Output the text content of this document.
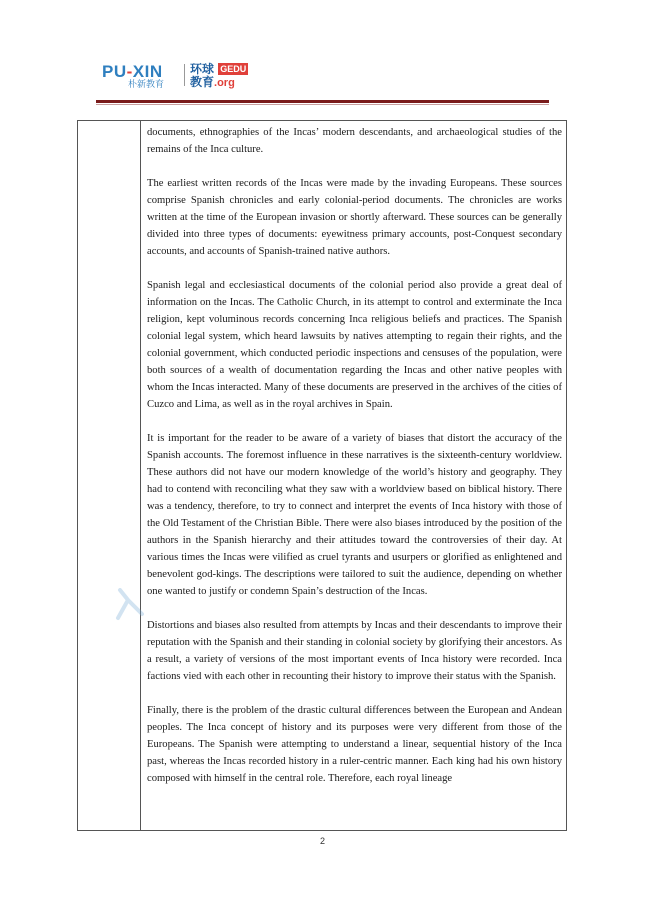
PU-XIN
朴新教育
环球 GEDU
教育.org

documents, ethnographies of the Incas’ modern descendants, and archaeological studies of the remains of the Inca culture.

The earliest written records of the Incas were made by the invading Europeans. These sources comprise Spanish chronicles and early colonial-period documents. The chronicles are works written at the time of the European invasion or shortly afterward. These sources can be generally divided into three types of documents: eyewitness primary accounts, post-Conquest secondary accounts, and accounts of Spanish-trained native authors.

Spanish legal and ecclesiastical documents of the colonial period also provide a great deal of information on the Incas. The Catholic Church, in its attempt to control and exterminate the Inca religion, kept voluminous records concerning Inca religious beliefs and practices. The Spanish colonial legal system, which heard lawsuits by natives attempting to regain their rights, and the colonial government, which conducted periodic inspections and censuses of the population, were both sources of a wealth of documentation regarding the Incas and other native peoples with whom the Incas interacted. Many of these documents are preserved in the archives of the cities of Cuzco and Lima, as well as in the royal archives in Spain.

It is important for the reader to be aware of a variety of biases that distort the accuracy of the Spanish accounts. The foremost influence in these narratives is the sixteenth-century worldview. These authors did not have our modern knowledge of the world’s history and geography. They had to contend with reconciling what they saw with a worldview based on biblical history. There was a tendency, therefore, to try to connect and interpret the events of Inca history with those of the Old Testament of the Christian Bible. There were also biases introduced by the position of the authors in the Spanish hierarchy and their attitudes toward the controversies of their day. At various times the Incas were vilified as cruel tyrants and usurpers or glorified as enlightened and benevolent god-kings. The descriptions were tailored to suit the audience, depending on whether one wanted to justify or condemn Spain’s destruction of the Incas.

Distortions and biases also resulted from attempts by Incas and their descendants to improve their reputation with the Spanish and their standing in colonial society by glorifying their ancestors. As a result, a variety of versions of the most important events of Inca history were recorded. Inca factions vied with each other in recounting their history to improve their status with the Spanish.

Finally, there is the problem of the drastic cultural differences between the European and Andean peoples. The Inca concept of history and its purposes were very different from those of the Europeans. The Spanish were attempting to understand a linear, sequential history of the Inca past, whereas the Incas recorded history in a ruler-centric manner. Each king had his own history composed with himself in the central role. Therefore, each royal lineage

2
